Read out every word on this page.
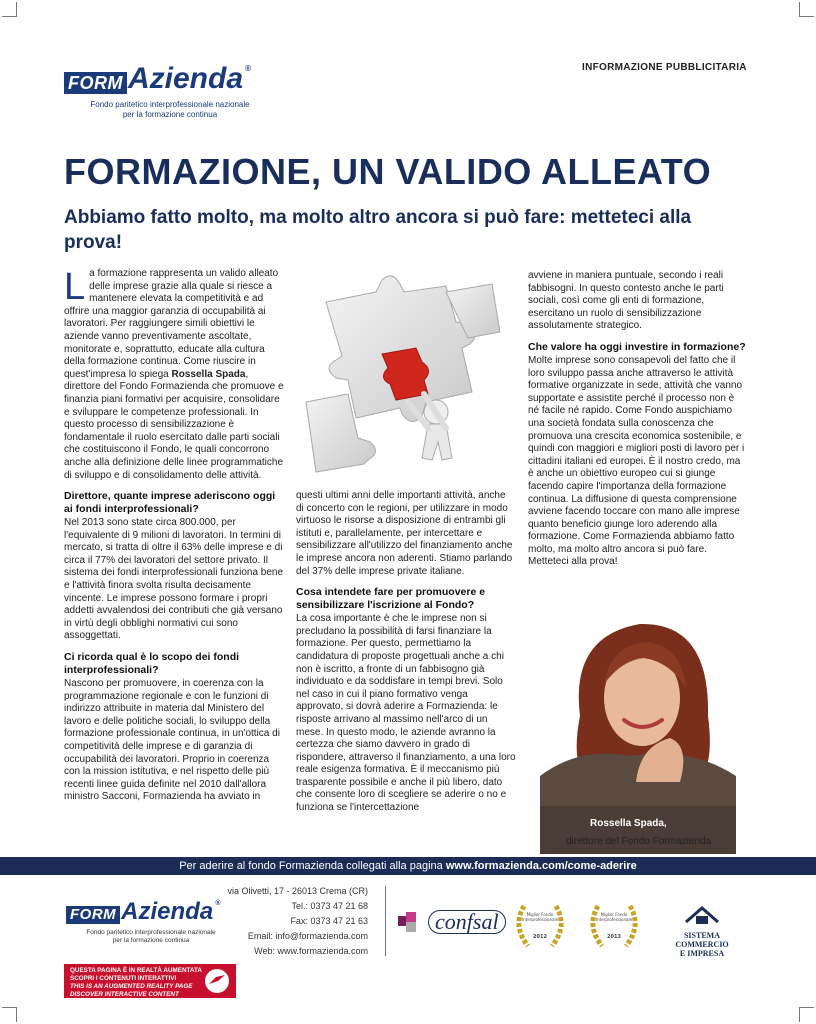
FORM Azienda ®
Fondo paritetico interprofessionale nazionale
per la formazione continua
INFORMAZIONE PUBBLICITARIA
FORMAZIONE, UN VALIDO ALLEATO
Abbiamo fatto molto, ma molto altro ancora si può fare: metteteci alla prova!

La formazione rappresenta un valido alleato delle imprese grazie alla quale si riesce a mantenere elevata la competitività e ad offrire una maggior garanzia di occupabilità ai lavoratori. Per raggiungere simili obiettivi le aziende vanno preventivamente ascoltate, monitorate e, soprattutto, educate alla cultura della formazione continua. Come riuscire in quest'impresa lo spiega Rossella Spada, direttore del Fondo Formazienda che promuove e finanzia piani formativi per acquisire, consolidare e sviluppare le competenze professionali. In questo processo di sensibilizzazione è fondamentale il ruolo esercitato dalle parti sociali che costituiscono il Fondo, le quali concorrono anche alla definizione delle linee programmatiche di sviluppo e di consolidamento delle attività.

Direttore, quante imprese aderiscono oggi ai fondi interprofessionali?

Nel 2013 sono state circa 800.000, per l'equivalente di 9 milioni di lavoratori. In termini di mercato, si tratta di oltre il 63% delle imprese e di circa il 77% dei lavoratori del settore privato. Il sistema dei fondi interprofessionali funziona bene e l'attività finora svolta risulta decisamente vincente. Le imprese possono formare i propri addetti avvalendosi dei contributi che già versano in virtù degli obblighi normativi cui sono assoggettati.

Ci ricorda qual è lo scopo dei fondi interprofessionali?

Nascono per promuovere, in coerenza con la programmazione regionale e con le funzioni di indirizzo attribuite in materia dal Ministero del lavoro e delle politiche sociali, lo sviluppo della formazione professionale continua, in un'ottica di competitività delle imprese e di garanzia di occupabilità dei lavoratori. Proprio in coerenza con la mission istitutiva, e nel rispetto delle più recenti linee guida definite nel 2010 dall'allora ministro Sacconi, Formazienda ha avviato in

questi ultimi anni delle importanti attività, anche di concerto con le regioni, per utilizzare in modo virtuoso le risorse a disposizione di entrambi gli istituti e, parallelamente, per intercettare e sensibilizzare all'utilizzo del finanziamento anche le imprese ancora non aderenti. Stiamo parlando del 37% delle imprese private italiane.

Cosa intendete fare per promuovere e sensibilizzare l'iscrizione al Fondo?

La cosa importante è che le imprese non si precludano la possibilità di farsi finanziare la formazione. Per questo, permettiamo la candidatura di proposte progettuali anche a chi non è iscritto, a fronte di un fabbisogno già individuato e da soddisfare in tempi brevi. Solo nel caso in cui il piano formativo venga approvato, si dovrà aderire a Formazienda: le risposte arrivano al massimo nell'arco di un mese. In questo modo, le aziende avranno la certezza che siamo davvero in grado di rispondere, attraverso il finanziamento, a una loro reale esigenza formativa. È il meccanismo più trasparente possibile e anche il più libero, dato che consente loro di scegliere se aderire o no e funziona se l'intercettazione

avviene in maniera puntuale, secondo i reali fabbisogni. In questo contesto anche le parti sociali, così come gli enti di formazione, esercitano un ruolo di sensibilizzazione assolutamente strategico.

Che valore ha oggi investire in formazione?

Molte imprese sono consapevoli del fatto che il loro sviluppo passa anche attraverso le attività formative organizzate in sede, attività che vanno supportate e assistite perché il processo non è né facile né rapido. Come Fondo auspichiamo una società fondata sulla conoscenza che promuova una crescita economica sostenibile, e quindi con maggiori e migliori posti di lavoro per i cittadini italiani ed europei. È il nostro credo, ma è anche un obiettivo europeo cui si giunge facendo capire l'importanza della formazione continua. La diffusione di questa comprensione avviene facendo toccare con mano alle imprese quanto beneficio giunge loro aderendo alla formazione. Come Formazienda abbiamo fatto molto, ma molto altro ancora si può fare. Metteteci alla prova!

Rossella Spada,
direttore del Fondo Formazienda
Per aderire al fondo Formazienda collegati alla pagina www.formazienda.com/come-aderire
FORM Azienda ®
Fondo paritetico interprofessionale nazionale
per la formazione continua
QUESTA PAGINA È IN REALTÀ AUMENTATA
SCOPRI I CONTENUTI INTERATTIVI
THIS IS AN AUGMENTED REALITY PAGE
DISCOVER INTERACTIVE CONTENT
via Olivetti, 17 - 26013 Crema (CR)
Tel.: 0373 47 21 68
Fax: 0373 47 21 63
Email: info@formazienda.com
Web: www.formazienda.com
confsal	Miglior Fondo
Interprofessionale
2012
Miglior Fondo
Interprofessionale
2013	SISTEMA COMMERCIO
E IMPRESA
